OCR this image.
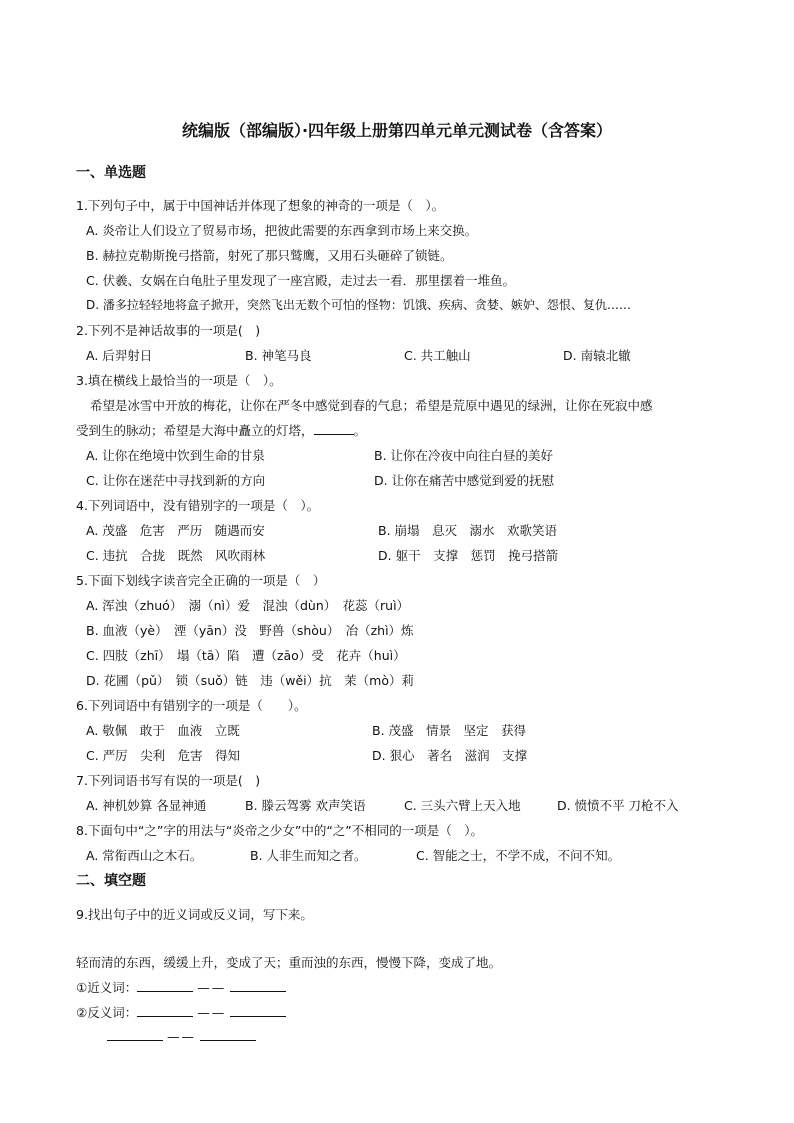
统编版（部编版）·四年级上册第四单元单元测试卷（含答案）
一、单选题
1.下列句子中，属于中国神话并体现了想象的神奇的一项是（　）。
A. 炎帝让人们设立了贸易市场，把彼此需要的东西拿到市场上来交换。
B. 赫拉克勒斯挽弓搭箭，射死了那只鹫鹰，又用石头砸碎了锁链。
C. 伏羲、女娲在白龟肚子里发现了一座宫殿，走过去一看．那里摆着一堆鱼。
D. 潘多拉轻轻地将盒子掀开，突然飞出无数个可怕的怪物：饥饿、疾病、贪婪、嫉妒、怨恨、复仇……
2.下列不是神话故事的一项是(　)
A. 后羿射日	B. 神笔马良	C. 共工触山	D. 南辕北辙
3.填在横线上最恰当的一项是（　）。
希望是冰雪中开放的梅花，让你在严冬中感觉到春的气息；希望是荒原中遇见的绿洲，让你在死寂中感
受到生的脉动；希望是大海中矗立的灯塔，	。
A. 让你在绝境中饮到生命的甘泉	B. 让你在冷夜中向往白昼的美好
C. 让你在迷茫中寻找到新的方向	D. 让你在痛苦中感觉到爱的抚慰
4.下列词语中，没有错别字的一项是（　）。
A. 茂盛　危害　严历　随遇而安	B. 崩塌　息灭　溺水　欢歌笑语
C. 违抗　合拢　既然　风吹雨林	D. 躯干　支撑　惩罚　挽弓搭箭
5.下面下划线字读音完全正确的一项是（　）
A. 浑浊（zhuó）　溺（nì）爱　混浊（dùn）　花蕊（ruì）
B. 血液（yè）　湮（yān）没　野兽（shòu）　冶（zhì）炼
C. 四肢（zhī）　塌（tā）陷　遭（zāo）受　花卉（huì）
D. 花圃（pǔ）　锁（suǒ）链　违（wěi）抗　茉（mò）莉
6.下列词语中有错别字的一项是（　　）。
A. 敬佩　敢于　血液　立既	B. 茂盛　情景　坚定　获得
C. 严厉　尖利　危害　得知	D. 狠心　著名　滋润　支撑
7.下列词语书写有误的一项是(　)
A. 神机妙算 各显神通	B. 滕云驾雾 欢声笑语	C. 三头六臂上天入地	D. 愤愤不平 刀枪不入
8.下面句中“之”字的用法与“炎帝之少女”中的“之”不相同的一项是（　）。
A. 常衔西山之木石。	B. 人非生而知之者。	C. 智能之士，不学不成，不问不知。
二、填空题
9.找出句子中的近义词或反义词，写下来。
轻而清的东西，缓缓上升，变成了天；重而浊的东西，慢慢下降，变成了地。
①近义词：	——
②反义词：	——
——
